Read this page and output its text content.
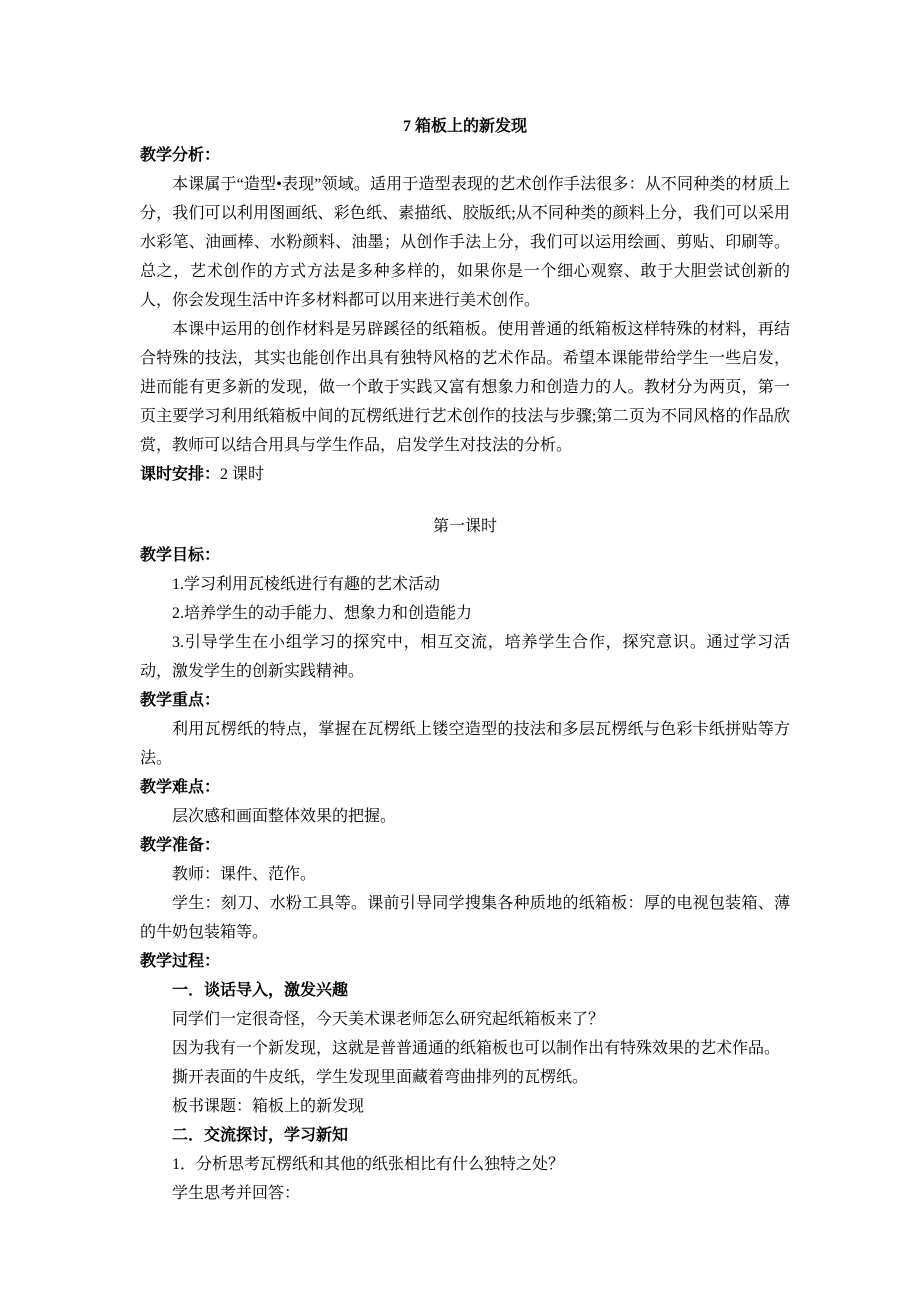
7 箱板上的新发现

教学分析：

本课属于“造型•表现”领域。适用于造型表现的艺术创作手法很多：从不同种类的材质上分，我们可以利用图画纸、彩色纸、素描纸、胶版纸;从不同种类的颜料上分，我们可以采用水彩笔、油画棒、水粉颜料、油墨；从创作手法上分，我们可以运用绘画、剪贴、印刷等。总之，艺术创作的方式方法是多种多样的，如果你是一个细心观察、敢于大胆尝试创新的人，你会发现生活中许多材料都可以用来进行美术创作。

本课中运用的创作材料是另辟蹊径的纸箱板。使用普通的纸箱板这样特殊的材料，再结合特殊的技法，其实也能创作出具有独特风格的艺术作品。希望本课能带给学生一些启发，进而能有更多新的发现，做一个敢于实践又富有想象力和创造力的人。教材分为两页，第一页主要学习利用纸箱板中间的瓦楞纸进行艺术创作的技法与步骤;第二页为不同风格的作品欣赏，教师可以结合用具与学生作品，启发学生对技法的分析。

课时安排：2 课时

第一课时

教学目标：

1.学习利用瓦棱纸进行有趣的艺术活动

2.培养学生的动手能力、想象力和创造能力

3.引导学生在小组学习的探究中，相互交流，培养学生合作，探究意识。通过学习活动，激发学生的创新实践精神。

教学重点：

利用瓦楞纸的特点，掌握在瓦楞纸上镂空造型的技法和多层瓦楞纸与色彩卡纸拼贴等方法。

教学难点：

层次感和画面整体效果的把握。

教学准备：

教师：课件、范作。

学生：刻刀、水粉工具等。课前引导同学搜集各种质地的纸箱板：厚的电视包装箱、薄的牛奶包装箱等。

教学过程：

一．谈话导入，激发兴趣

同学们一定很奇怪，今天美术课老师怎么研究起纸箱板来了？

因为我有一个新发现，这就是普普通通的纸箱板也可以制作出有特殊效果的艺术作品。

撕开表面的牛皮纸，学生发现里面藏着弯曲排列的瓦楞纸。

板书课题：箱板上的新发现

二．交流探讨，学习新知

1．分析思考瓦楞纸和其他的纸张相比有什么独特之处？

学生思考并回答：
